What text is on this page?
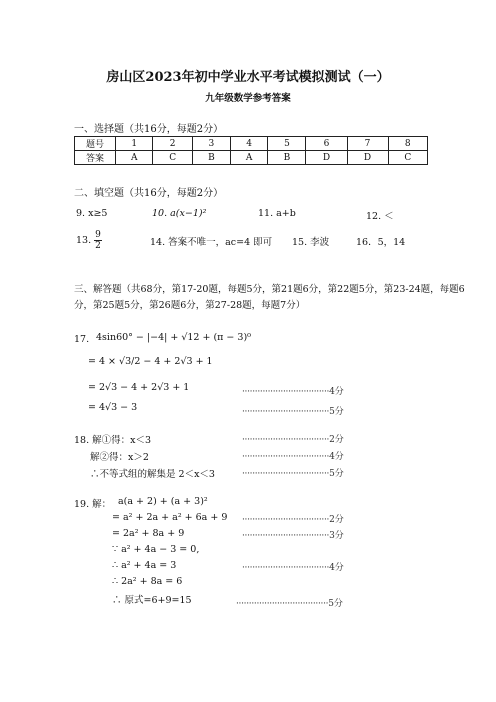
房山区2023年初中学业水平考试模拟测试（一）
九年级数学参考答案
一、选择题（共16分，每题2分）
题号	1	2	3	4	5	6	7	8
答案	A	C	B	A	B	D	D	C
二、填空题（共16分，每题2分）
9. x≥5	10. a(x−1)²	11. a+b	12. ＜
13. $\frac{9}{2}$	14. 答案不唯一，ac=4 即可 15. 李波	16．5，14
三、解答题（共68分，第17-20题，每题5分，第21题6分，第22题5分，第23-24题，每题6分，第25题5分，第26题6分，第27-28题，每题7分）
17. 4sin60° − |−4| + √12 + (π − 3)⁰
= 4 × √3/2 − 4 + 2√3 + 1
= 2√3 − 4 + 2√3 + 1	··································4分
= 4√3 − 3	··································5分
18. 解①得：x＜3	··································2分
解②得：x＞2	··································4分
∴不等式组的解集是 2＜x＜3	··································5分
19. 解： a(a + 2) + (a + 3)²
= a² + 2a + a² + 6a + 9 ··································2分
= 2a² + 8a + 9	··································3分
∵ a² + 4a − 3 = 0,
∴ a² + 4a = 3	··································4分
∴ 2a² + 8a = 6
∴ 原式=6+9=15	····································5分
